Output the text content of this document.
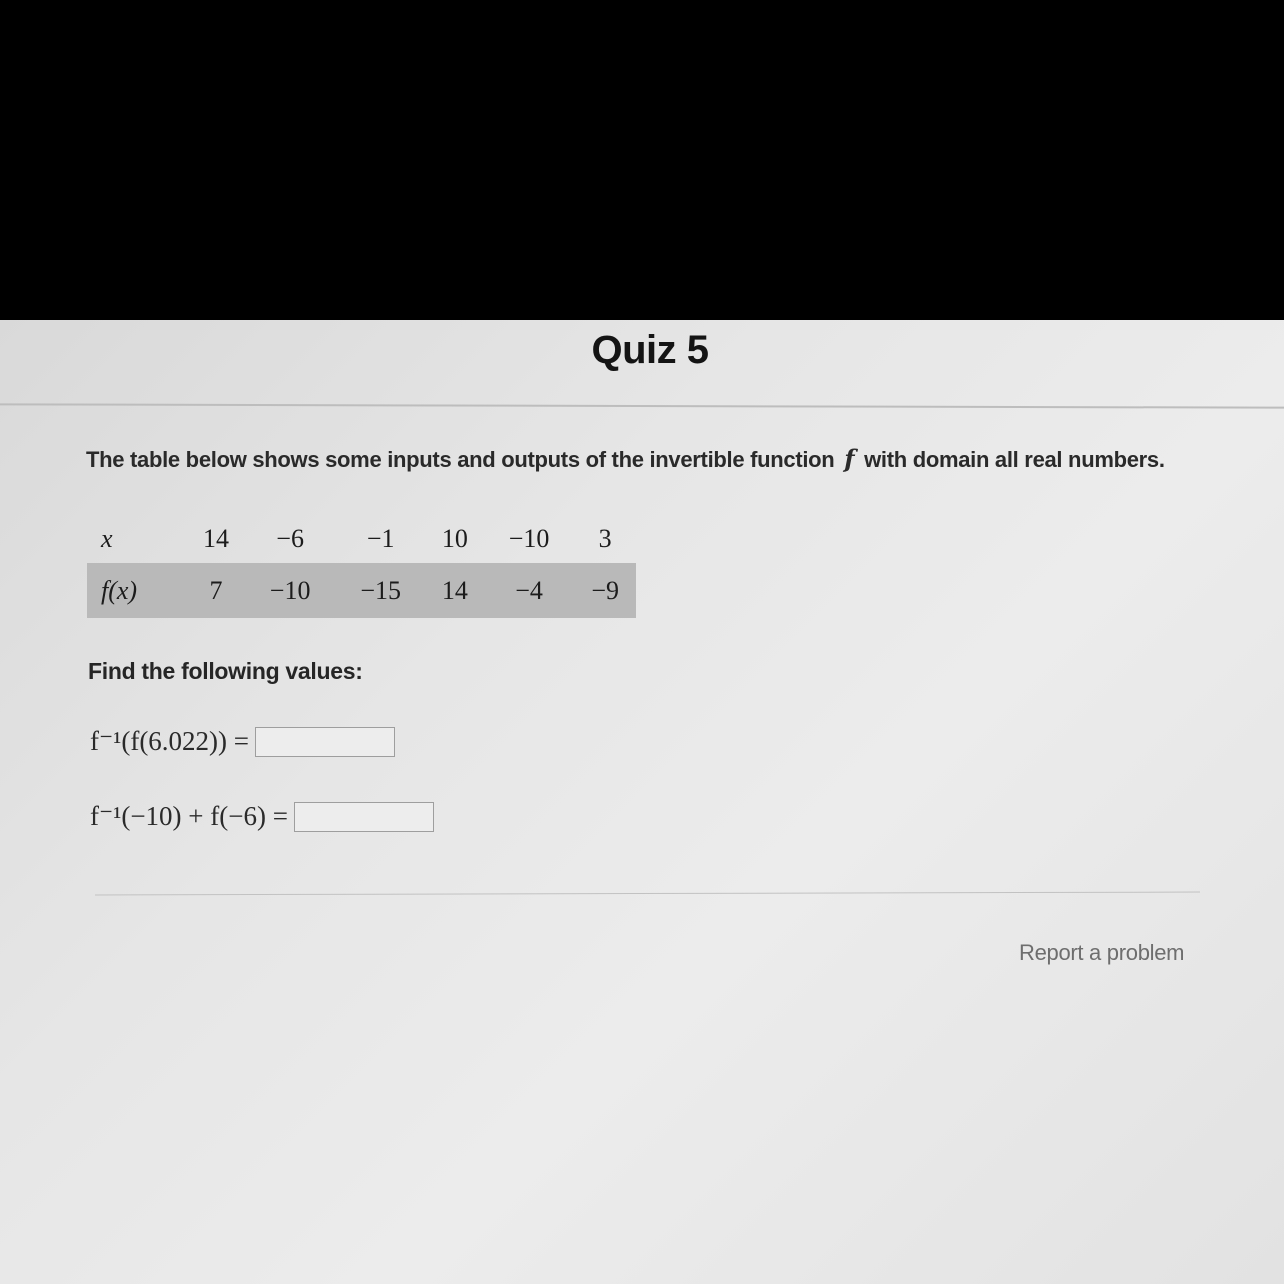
Quiz 5
The table below shows some inputs and outputs of the invertible function f with domain all real numbers.
x	14	−6	−1	10	−10	3
f(x)	7	−10	−15	14	−4	−9
Find the following values:
f⁻¹(f(6.022)) =
f⁻¹(−10) + f(−6) =
Report a problem
